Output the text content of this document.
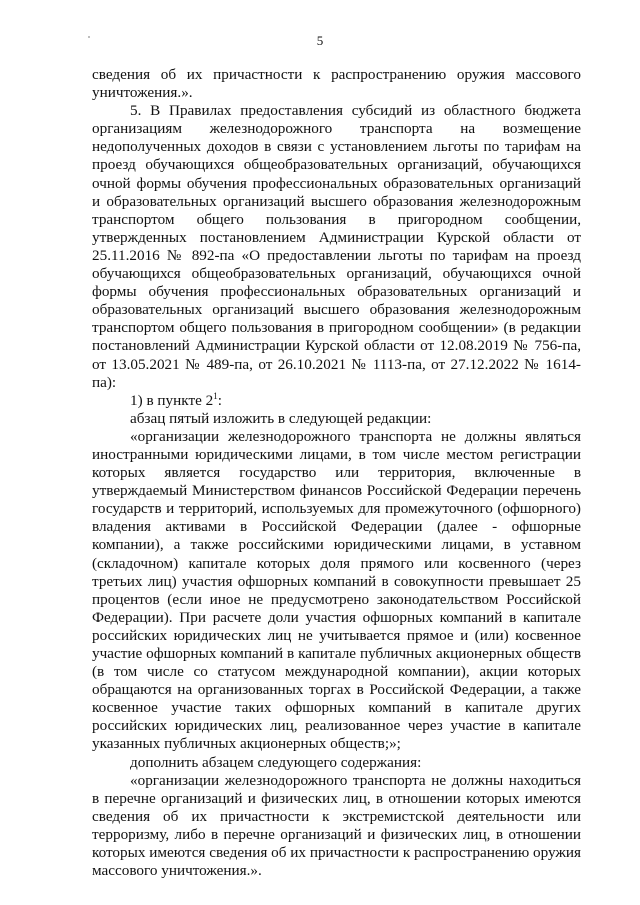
5

сведения об их причастности к распространению оружия массового уничтожения.».

5. В Правилах предоставления субсидий из областного бюджета организациям железнодорожного транспорта на возмещение недополученных доходов в связи с установлением льготы по тарифам на проезд обучающихся общеобразовательных организаций, обучающихся очной формы обучения профессиональных образовательных организаций и образовательных организаций высшего образования железнодорожным транспортом общего пользования в пригородном сообщении, утвержденных постановлением Администрации Курской области от 25.11.2016 № 892-па «О предоставлении льготы по тарифам на проезд обучающихся общеобразовательных организаций, обучающихся очной формы обучения профессиональных образовательных организаций и образовательных организаций высшего образования железнодорожным транспортом общего пользования в пригородном сообщении» (в редакции постановлений Администрации Курской области от 12.08.2019 № 756-па, от 13.05.2021 № 489-па, от 26.10.2021 № 1113-па, от 27.12.2022 № 1614-па):

1) в пункте $2^1$:

абзац пятый изложить в следующей редакции:

«организации железнодорожного транспорта не должны являться иностранными юридическими лицами, в том числе местом регистрации которых является государство или территория, включенные в утверждаемый Министерством финансов Российской Федерации перечень государств и территорий, используемых для промежуточного (офшорного) владения активами в Российской Федерации (далее - офшорные компании), а также российскими юридическими лицами, в уставном (складочном) капитале которых доля прямого или косвенного (через третьих лиц) участия офшорных компаний в совокупности превышает 25 процентов (если иное не предусмотрено законодательством Российской Федерации). При расчете доли участия офшорных компаний в капитале российских юридических лиц не учитывается прямое и (или) косвенное участие офшорных компаний в капитале публичных акционерных обществ (в том числе со статусом международной компании), акции которых обращаются на организованных торгах в Российской Федерации, а также косвенное участие таких офшорных компаний в капитале других российских юридических лиц, реализованное через участие в капитале указанных публичных акционерных обществ;»;

дополнить абзацем следующего содержания:

«организации железнодорожного транспорта не должны находиться в перечне организаций и физических лиц, в отношении которых имеются сведения об их причастности к экстремистской деятельности или терроризму, либо в перечне организаций и физических лиц, в отношении которых имеются сведения об их причастности к распространению оружия массового уничтожения.».
